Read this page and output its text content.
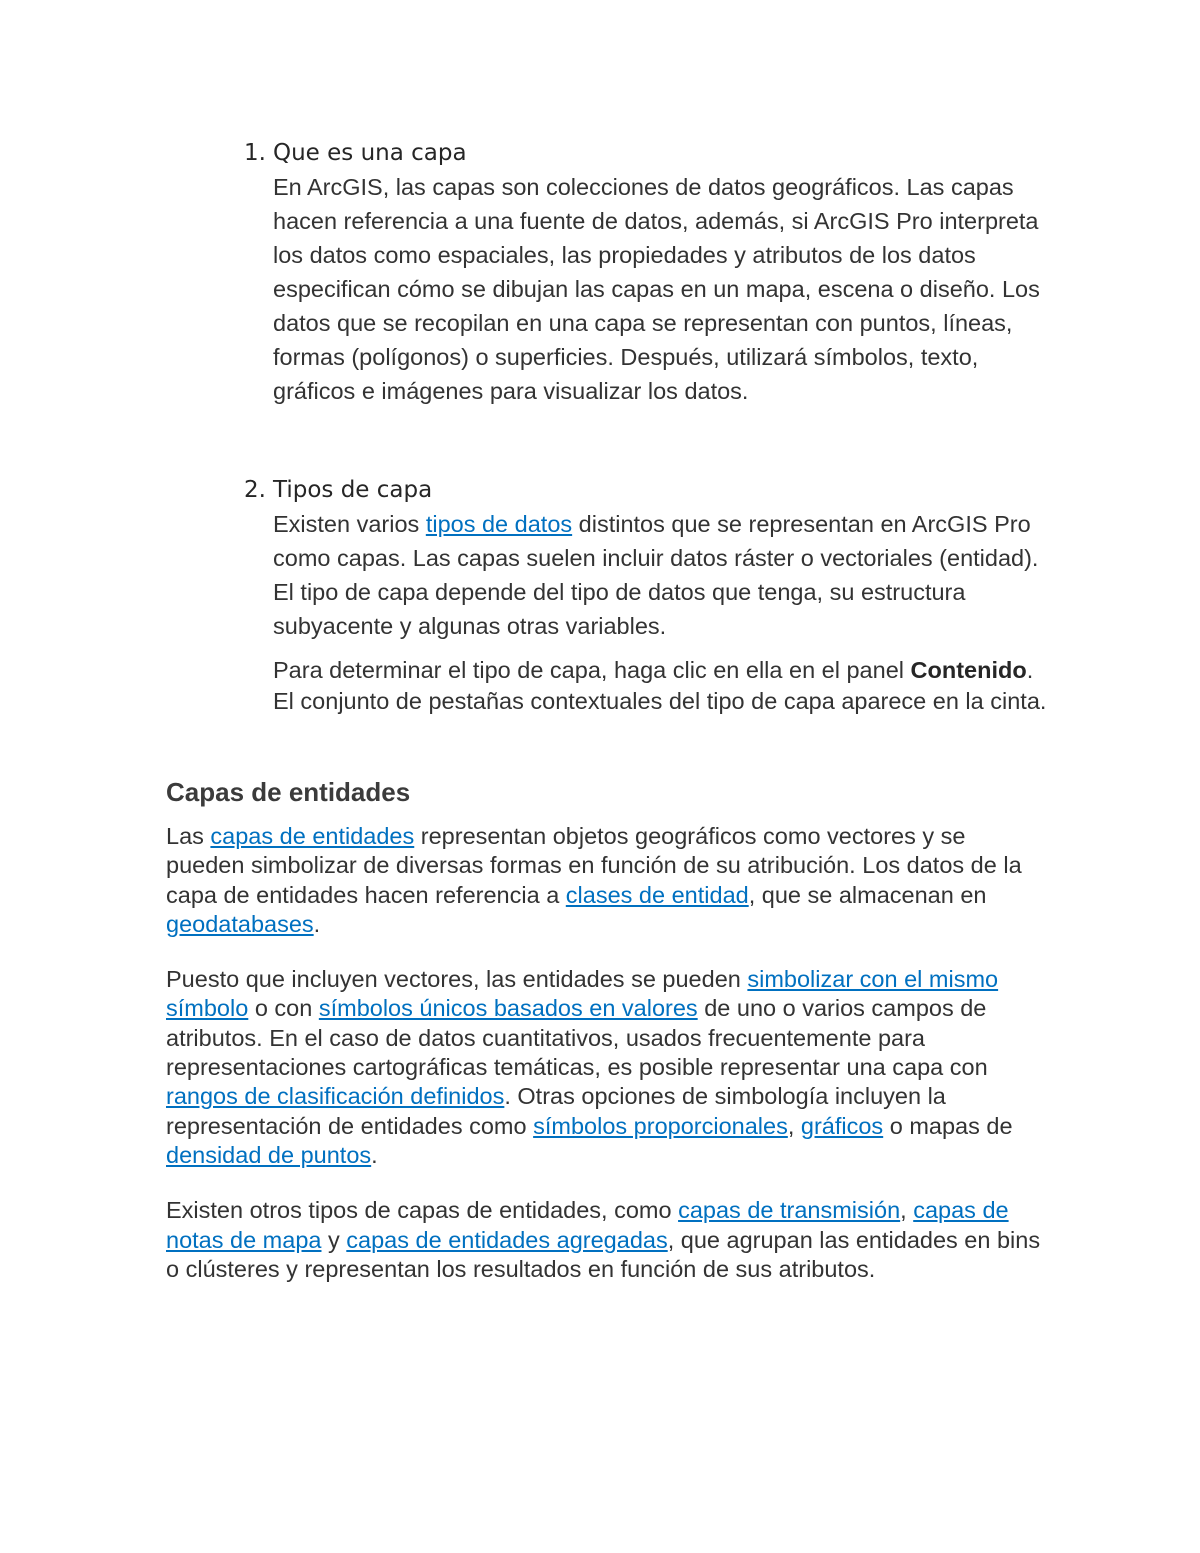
1. Que es una capa

En ArcGIS, las capas son colecciones de datos geográficos. Las capas hacen referencia a una fuente de datos, además, si ArcGIS Pro interpreta los datos como espaciales, las propiedades y atributos de los datos especifican cómo se dibujan las capas en un mapa, escena o diseño. Los datos que se recopilan en una capa se representan con puntos, líneas, formas (polígonos) o superficies. Después, utilizará símbolos, texto, gráficos e imágenes para visualizar los datos.

2. Tipos de capa

Existen varios tipos de datos distintos que se representan en ArcGIS Pro como capas. Las capas suelen incluir datos ráster o vectoriales (entidad). El tipo de capa depende del tipo de datos que tenga, su estructura subyacente y algunas otras variables.

Para determinar el tipo de capa, haga clic en ella en el panel Contenido. El conjunto de pestañas contextuales del tipo de capa aparece en la cinta.

Capas de entidades

Las capas de entidades representan objetos geográficos como vectores y se pueden simbolizar de diversas formas en función de su atribución. Los datos de la capa de entidades hacen referencia a clases de entidad, que se almacenan en geodatabases.

Puesto que incluyen vectores, las entidades se pueden simbolizar con el mismo símbolo o con símbolos únicos basados en valores de uno o varios campos de atributos. En el caso de datos cuantitativos, usados frecuentemente para representaciones cartográficas temáticas, es posible representar una capa con rangos de clasificación definidos. Otras opciones de simbología incluyen la representación de entidades como símbolos proporcionales, gráficos o mapas de densidad de puntos.

Existen otros tipos de capas de entidades, como capas de transmisión, capas de notas de mapa y capas de entidades agregadas, que agrupan las entidades en bins o clústeres y representan los resultados en función de sus atributos.
